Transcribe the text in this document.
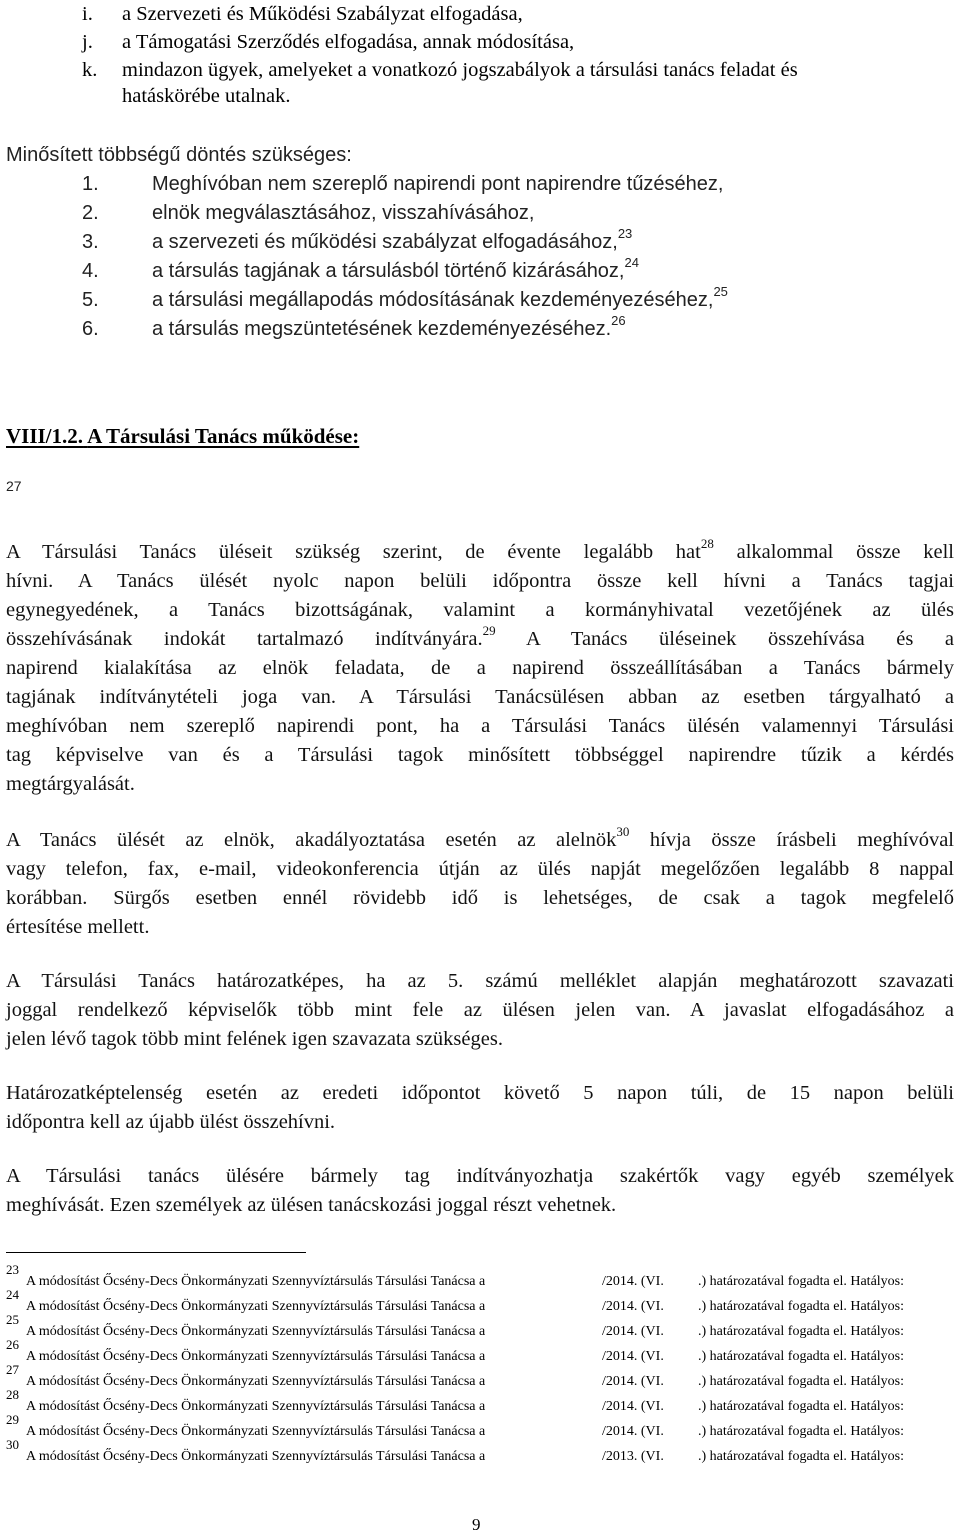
i. a Szervezeti és Működési Szabályzat elfogadása,
j. a Támogatási Szerződés elfogadása, annak módosítása,
k. mindazon ügyek, amelyeket a vonatkozó jogszabályok a társulási tanács feladat és
hatáskörébe utalnak.
Minősített többségű döntés szükséges:
1.	Meghívóban nem szereplő napirendi pont napirendre tűzéséhez,
2.	elnök megválasztásához, visszahívásához,
3.	a szervezeti és működési szabályzat elfogadásához,$^{23}$
4.	a társulás tagjának a társulásból történő kizárásához,$^{24}$
5.	a társulási megállapodás módosításának kezdeményezéséhez,$^{25}$
6.	a társulás megszüntetésének kezdeményezéséhez.$^{26}$
VIII/1.2. A Társulási Tanács működése:
27
A Társulási Tanács üléseit szükség szerint, de évente legalább hat$^{28}$ alkalommal össze kell
hívni. A Tanács ülését nyolc napon belüli időpontra össze kell hívni a Tanács tagjai
egynegyedének, a Tanács bizottságának, valamint a kormányhivatal vezetőjének az ülés
összehívásának indokát tartalmazó indítványára.$^{29}$ A Tanács üléseinek összehívása és a
napirend kialakítása az elnök feladata, de a napirend összeállításában a Tanács bármely
tagjának indítványtételi joga van. A Társulási Tanácsülésen abban az esetben tárgyalható a
meghívóban nem szereplő napirendi pont, ha a Társulási Tanács ülésén valamennyi Társulási
tag képviselve van és a Társulási tagok minősített többséggel napirendre tűzik a kérdés
megtárgyalását.
A Tanács ülését az elnök, akadályoztatása esetén az alelnök$^{30}$ hívja össze írásbeli meghívóval
vagy telefon, fax, e-mail, videokonferencia útján az ülés napját megelőzően legalább 8 nappal
korábban. Sürgős esetben ennél rövidebb idő is lehetséges, de csak a tagok megfelelő
értesítése mellett.
A Társulási Tanács határozatképes, ha az 5. számú melléklet alapján meghatározott szavazati
joggal rendelkező képviselők több mint fele az ülésen jelen van. A javaslat elfogadásához a
jelen lévő tagok több mint felének igen szavazata szükséges.
Határozatképtelenség esetén az eredeti időpontot követő 5 napon túli, de 15 napon belüli
időpontra kell az újabb ülést összehívni.
A Társulási tanács ülésére bármely tag indítványozhatja szakértők vagy egyéb személyek
meghívását. Ezen személyek az ülésen tanácskozási joggal részt vehetnek.
23
A módosítást Őcsény-Decs Önkormányzati Szennyvíztársulás Társulási Tanácsa a	/2014. (VI. .) határozatával fogadta el. Hatályos:
24
A módosítást Őcsény-Decs Önkormányzati Szennyvíztársulás Társulási Tanácsa a	/2014. (VI. .) határozatával fogadta el. Hatályos:
25
A módosítást Őcsény-Decs Önkormányzati Szennyvíztársulás Társulási Tanácsa a	/2014. (VI. .) határozatával fogadta el. Hatályos:
26
A módosítást Őcsény-Decs Önkormányzati Szennyvíztársulás Társulási Tanácsa a	/2014. (VI. .) határozatával fogadta el. Hatályos:
27
A módosítást Őcsény-Decs Önkormányzati Szennyvíztársulás Társulási Tanácsa a	/2014. (VI. .) határozatával fogadta el. Hatályos:
28
A módosítást Őcsény-Decs Önkormányzati Szennyvíztársulás Társulási Tanácsa a	/2014. (VI. .) határozatával fogadta el. Hatályos:
29
A módosítást Őcsény-Decs Önkormányzati Szennyvíztársulás Társulási Tanácsa a	/2014. (VI. .) határozatával fogadta el. Hatályos:
30
A módosítást Őcsény-Decs Önkormányzati Szennyvíztársulás Társulási Tanácsa a	/2013. (VI. .) határozatával fogadta el. Hatályos:
9
